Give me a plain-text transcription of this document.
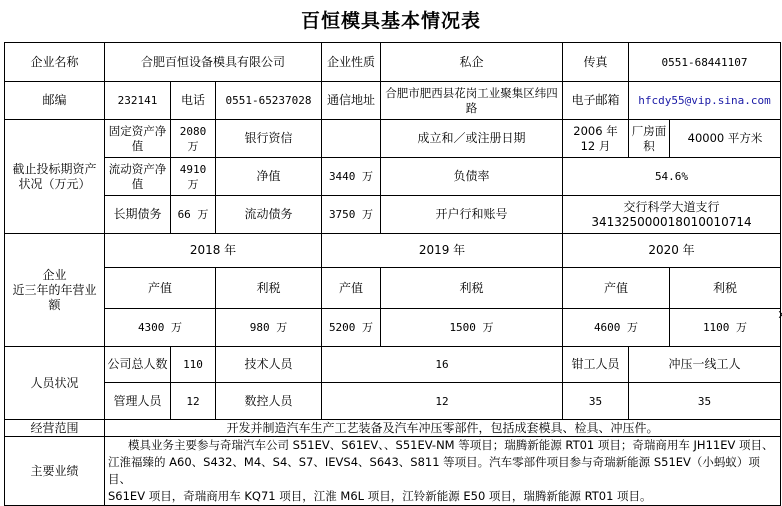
百恒模具基本情况表
企业名称	合肥百恒设备模具有限公司			企业性质	私企	传真	0551-68441107	
邮编	232141	电话	0551-65237028	通信地址	合肥市肥西县花岗工业聚集区纬四路	电子邮箱	hfcdy55@vip.sina.com	
截止投标期资产状况（万元）	固定资产净值	2080 万	银行资信		成立和／或注册日期	2006 年 12 月	厂房面积	40000 平方米
	流动资产净值	4910 万	净值	3440 万	负债率	54.6%		
	长期债务	66 万	流动债务	3750 万	开户行和账号	交行科学大道支行
341325000018010010714		

企业
近三年的年营业额	2018 年			2019 年		2020 年		
	产值		利税	产值	利税	产值		利税
	4300 万		980 万	5200 万	1500 万	4600 万		1100 万
人员状况	公司总人数	110	技术人员	16		钳工人员	冲压一线工人	
	管理人员	12	数控人员	12		35	35	
经营范围	开发并制造汽车生产工艺装备及汽车冲压零部件，包括成套模具、检具、冲压件。							
主要业绩	模具业务主要参与奇瑞汽车公司 S51EV、S61EV、、S51EV-NM 等项目；瑞腾新能源 RT01 项目；奇瑞商用车 JH11EV 项目、
江淮福臻的 A60、S432、M4、S4、S7、IEVS4、S643、S811 等项目。汽车零部件项目参与奇瑞新能源 S51EV（小蚂蚁）项目、
S61EV 项目，奇瑞商用车 KQ71 项目，江淮 M6L 项目，江铃新能源 E50 项目，瑞腾新能源 RT01 项目。							
